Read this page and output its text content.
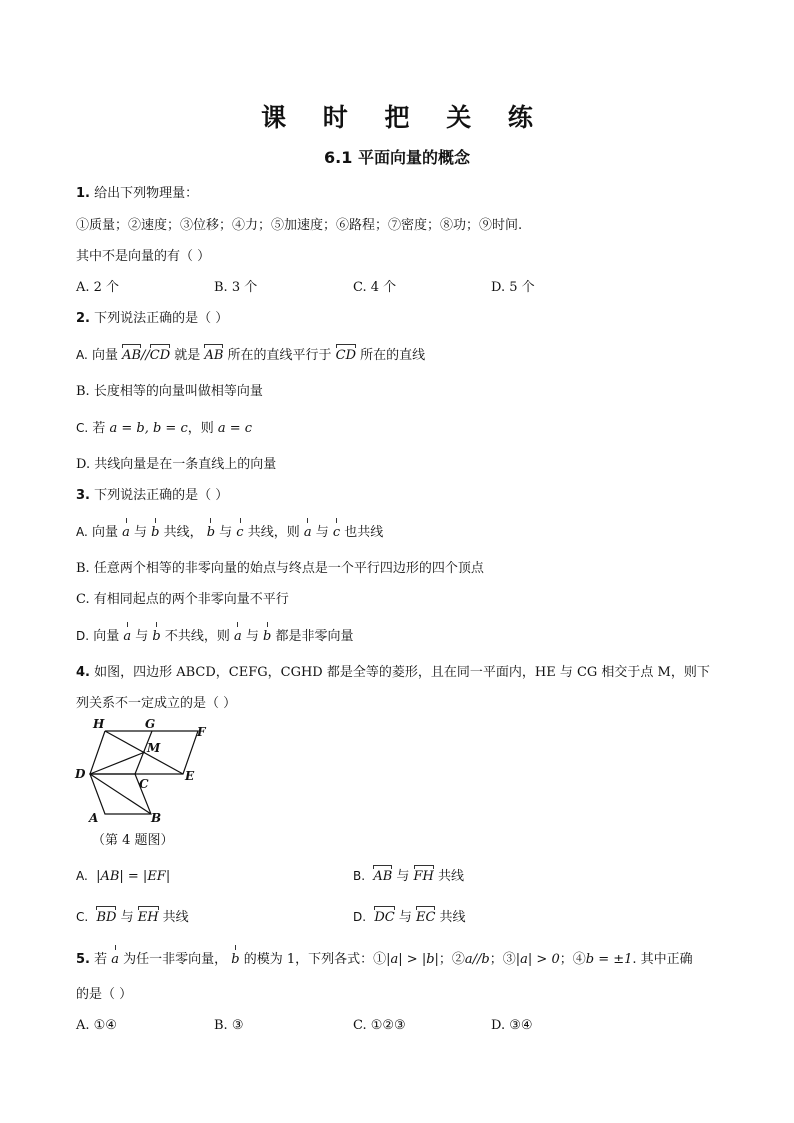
课 时 把 关 练
6.1 平面向量的概念
1. 给出下列物理量：
①质量；②速度；③位移；④力；⑤加速度；⑥路程；⑦密度；⑧功；⑨时间.
其中不是向量的有（ ）
A. 2 个	B. 3 个	C. 4 个	D. 5 个
2. 下列说法正确的是（ ）
A. 向量 AB//CD 就是 AB 所在的直线平行于 CD 所在的直线
B. 长度相等的向量叫做相等向量
C. 若 a = b, b = c，则 a = c
D. 共线向量是在一条直线上的向量
3. 下列说法正确的是（ ）
A. 向量 a 与 b 共线， b 与 c 共线，则 a 与 c 也共线
B. 任意两个相等的非零向量的始点与终点是一个平行四边形的四个顶点
C. 有相同起点的两个非零向量不平行
D. 向量 a 与 b 不共线，则 a 与 b 都是非零向量
4. 如图，四边形 ABCD，CEFG，CGHD 都是全等的菱形，且在同一平面内，HE 与 CG 相交于点 M，则下
列关系不一定成立的是（ ）
H	G
F
M
D
C
E
A	B
（第 4 题图）
A. |AB| = |EF|	B. AB 与 FH 共线
C. BD 与 EH 共线	D. DC 与 EC 共线
5. 若 a 为任一非零向量， b 的模为 1，下列各式：①|a| > |b|；②a//b；③|a| > 0；④b = ±1. 其中正确
的是（ ）
A. ①④	B. ③	C. ①②③	D. ③④
